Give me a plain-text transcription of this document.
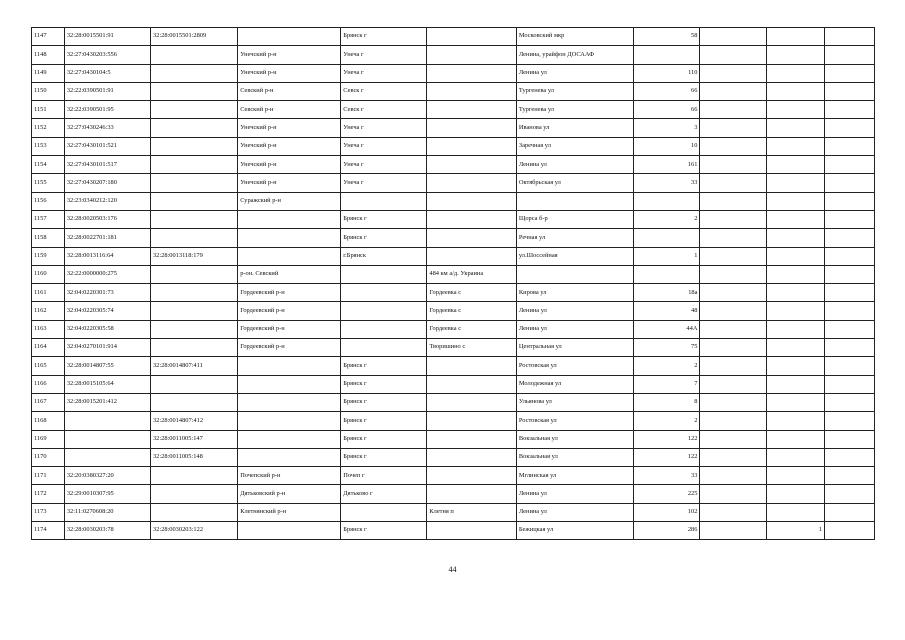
1147	32:28:0015501:91	32:28:0015501:2809		Брянск г		Московский мкр	58			
1148	32:27:0430203:556		Унечский р-н	Унеча г		Ленина, урайфон ДОСААФ				
1149	32:27:0430104:5		Унечский р-н	Унеча г		Ленина ул	110			
1150	32:22:0390501:91		Севский р-н	Севск г		Тургенева ул	66			
1151	32:22:0390501:95		Севский р-н	Севск г		Тургенева ул	66			
1152	32:27:0430246:33		Унечский р-н	Унеча г		Иванова ул	3			
1153	32:27:0430101:521		Унечский р-н	Унеча г		Заречная ул	10			
1154	32:27:0430101:517		Унечский р-н	Унеча г		Ленина ул	161			
1155	32:27:0430207:180		Унечский р-н	Унеча г		Октябрьская ул	33			
1156	32:23:0340212:120		Суражский р-н							
1157	32:28:0020503:176			Брянск г		Щорса б-р	2			
1158	32:28:0022701:181			Брянск г		Речная ул				
1159	32:28:0013116:64	32:28:0013118:179		г.Брянск		ул.Шоссейная	1			
1160	32:22:0000000:275		р-он. Севский		484 км а/д. Украина					
1161	32:04:0220301:73		Гордеевский р-н		Гордеевка с	Кирова ул	18а			
1162	32:04:0220305:74		Гордеевский р-н		Гордеевка с	Ленина ул	48			
1163	32:04:0220305:58		Гордеевский р-н		Гордеевка с	Ленина ул	44А			
1164	32:04:0270101:914		Гордеевский р-н		Творишино с	Центральная ул	75			
1165	32:28:0014807:55	32:28:0014807:411		Брянск г		Ростовская ул	2			
1166	32:28:0015105:64			Брянск г		Молодежная ул	7			
1167	32:28:0015201:412			Брянск г		Ульянова ул	8			
1168		32:28:0014807:412		Брянск г		Ростовская ул	2			
1169		32:28:0011005:147		Брянск г		Вокзальная ул	122			
1170		32:28:0011005:148		Брянск г		Вокзальная ул	122			
1171	32:20:0380327:20		Почепский р-н	Почеп г		Мглинская ул	33			
1172	32:29:0010307:95		Дятьковский р-н	Дятьково г		Ленина ул	225			
1173	32:11:0270608:20		Клетнянский р-н		Клетня п	Ленина ул	102			
1174	32:28:0030203:78	32:28:0030203:122		Брянск г		Бежицкая ул	286		1	
44
